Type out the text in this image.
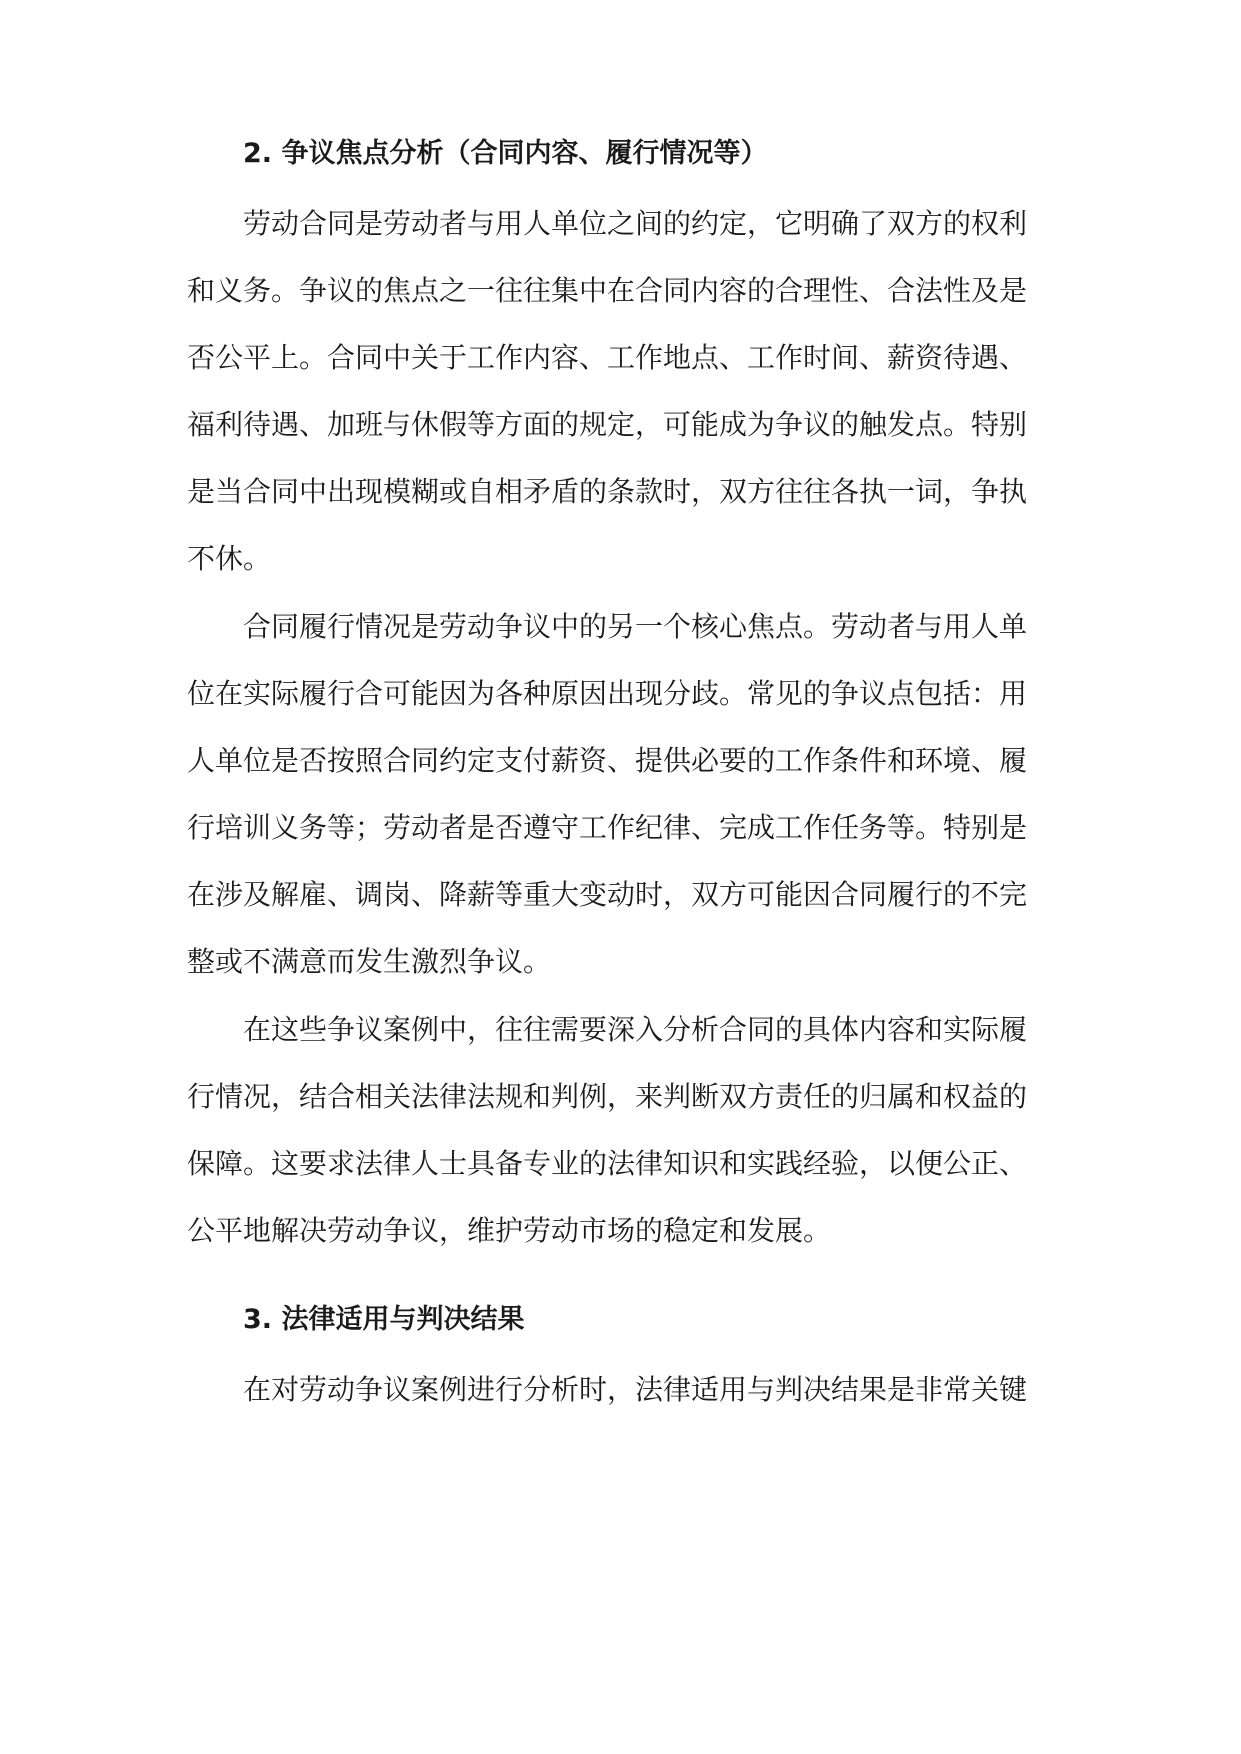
2. 争议焦点分析（合同内容、履行情况等）
劳动合同是劳动者与用人单位之间的约定，它明确了双方的权利
和义务。争议的焦点之一往往集中在合同内容的合理性、合法性及是
否公平上。合同中关于工作内容、工作地点、工作时间、薪资待遇、
福利待遇、加班与休假等方面的规定，可能成为争议的触发点。特别
是当合同中出现模糊或自相矛盾的条款时，双方往往各执一词，争执
不休。
合同履行情况是劳动争议中的另一个核心焦点。劳动者与用人单
位在实际履行合可能因为各种原因出现分歧。常见的争议点包括：用
人单位是否按照合同约定支付薪资、提供必要的工作条件和环境、履
行培训义务等；劳动者是否遵守工作纪律、完成工作任务等。特别是
在涉及解雇、调岗、降薪等重大变动时，双方可能因合同履行的不完
整或不满意而发生激烈争议。
在这些争议案例中，往往需要深入分析合同的具体内容和实际履
行情况，结合相关法律法规和判例，来判断双方责任的归属和权益的
保障。这要求法律人士具备专业的法律知识和实践经验，以便公正、
公平地解决劳动争议，维护劳动市场的稳定和发展。
3. 法律适用与判决结果
在对劳动争议案例进行分析时，法律适用与判决结果是非常关键
